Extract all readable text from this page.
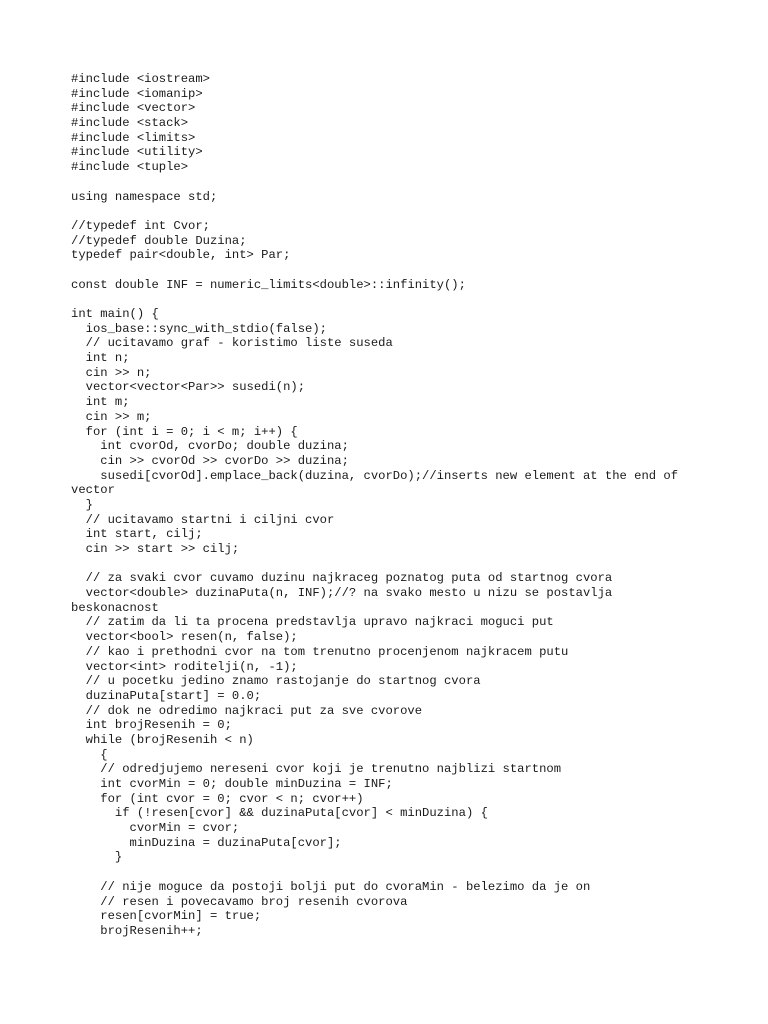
#include <iostream>
#include <iomanip>
#include <vector>
#include <stack>
#include <limits>
#include <utility>
#include <tuple>
using namespace std;
//typedef int Cvor;
//typedef double Duzina;
typedef pair<double, int> Par;
const double INF = numeric_limits<double>::infinity();
int main() {
ios_base::sync_with_stdio(false);
// ucitavamo graf - koristimo liste suseda
int n;
cin >> n;
vector<vector<Par>> susedi(n);
int m;
cin >> m;
for (int i = 0; i < m; i++) {
int cvorOd, cvorDo; double duzina;
cin >> cvorOd >> cvorDo >> duzina;
susedi[cvorOd].emplace_back(duzina, cvorDo);//inserts new element at the end of
vector
}
// ucitavamo startni i ciljni cvor
int start, cilj;
cin >> start >> cilj;
// za svaki cvor cuvamo duzinu najkraceg poznatog puta od startnog cvora
vector<double> duzinaPuta(n, INF);//? na svako mesto u nizu se postavlja
beskonacnost
// zatim da li ta procena predstavlja upravo najkraci moguci put
vector<bool> resen(n, false);
// kao i prethodni cvor na tom trenutno procenjenom najkracem putu
vector<int> roditelji(n, -1);
// u pocetku jedino znamo rastojanje do startnog cvora
duzinaPuta[start] = 0.0;
// dok ne odredimo najkraci put za sve cvorove
int brojResenih = 0;
while (brojResenih < n)
{
// odredjujemo nereseni cvor koji je trenutno najblizi startnom
int cvorMin = 0; double minDuzina = INF;
for (int cvor = 0; cvor < n; cvor++)
if (!resen[cvor] && duzinaPuta[cvor] < minDuzina) {
cvorMin = cvor;
minDuzina = duzinaPuta[cvor];
}
// nije moguce da postoji bolji put do cvoraMin - belezimo da je on
// resen i povecavamo broj resenih cvorova
resen[cvorMin] = true;
brojResenih++;
